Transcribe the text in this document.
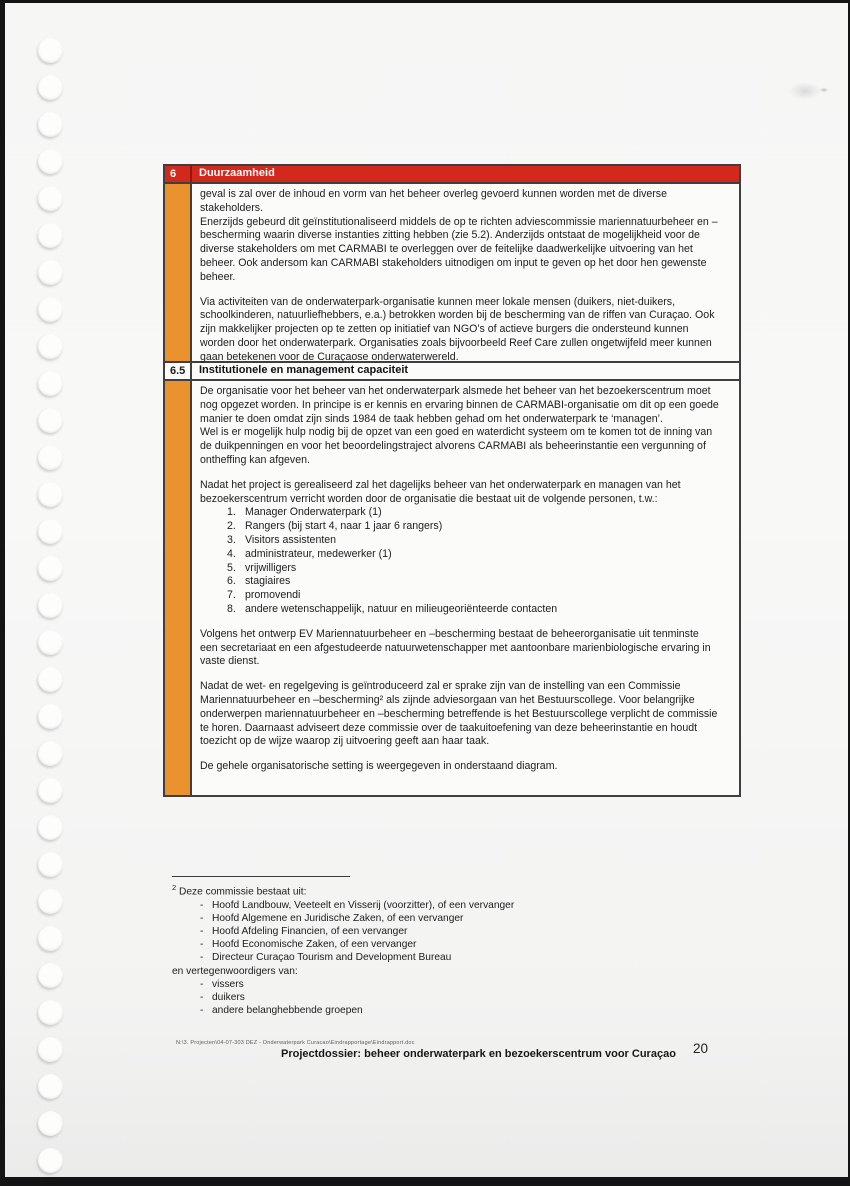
6	Duurzaamheid
geval is zal over de inhoud en vorm van het beheer overleg gevoerd kunnen worden met de diverse stakeholders.
Enerzijds gebeurd dit geïnstitutionaliseerd middels de op te richten adviescommissie mariennatuurbeheer en –bescherming waarin diverse instanties zitting hebben (zie 5.2). Anderzijds ontstaat de mogelijkheid voor de diverse stakeholders om met CARMABI te overleggen over de feitelijke daadwerkelijke uitvoering van het beheer. Ook andersom kan CARMABI stakeholders uitnodigen om input te geven op het door hen gewenste beheer.
Via activiteiten van de onderwaterpark-organisatie kunnen meer lokale mensen (duikers, niet-duikers, schoolkinderen, natuurliefhebbers, e.a.) betrokken worden bij de bescherming van de riffen van Curaçao. Ook zijn makkelijker projecten op te zetten op initiatief van NGO’s of actieve burgers die ondersteund kunnen worden door het onderwaterpark. Organisaties zoals bijvoorbeeld Reef Care zullen ongetwijfeld meer kunnen gaan betekenen voor de Curaçaose onderwaterwereld.
6.5	Institutionele en management capaciteit
De organisatie voor het beheer van het onderwaterpark alsmede het beheer van het bezoekerscentrum moet nog opgezet worden. In principe is er kennis en ervaring binnen de CARMABI-organisatie om dit op een goede manier te doen omdat zijn sinds 1984 de taak hebben gehad om het onderwaterpark te ‘managen’.
Wel is er mogelijk hulp nodig bij de opzet van een goed en waterdicht systeem om te komen tot de inning van de duikpenningen en voor het beoordelingstraject alvorens CARMABI als beheerinstantie een vergunning of ontheffing kan afgeven.
Nadat het project is gerealiseerd zal het dagelijks beheer van het onderwaterpark en managen van het bezoekerscentrum verricht worden door de organisatie die bestaat uit de volgende personen, t.w.:
1. Manager Onderwaterpark (1)
2. Rangers (bij start 4, naar 1 jaar 6 rangers)
3. Visitors assistenten
4. administrateur, medewerker (1)
5. vrijwilligers
6. stagiaires
7. promovendi
8. andere wetenschappelijk, natuur en milieugeoriënteerde contacten
Volgens het ontwerp EV Mariennatuurbeheer en –bescherming bestaat de beheerorganisatie uit tenminste een secretariaat en een afgestudeerde natuurwetenschapper met aantoonbare marienbiologische ervaring in vaste dienst.
Nadat de wet- en regelgeving is geïntroduceerd zal er sprake zijn van de instelling van een Commissie Mariennatuurbeheer en –bescherming² als zijnde adviesorgaan van het Bestuurscollege. Voor belangrijke onderwerpen mariennatuurbeheer en –bescherming betreffende is het Bestuurscollege verplicht de commissie te horen. Daarnaast adviseert deze commissie over de taakuitoefening van deze beheerinstantie en houdt toezicht op de wijze waarop zij uitvoering geeft aan haar taak.
De gehele organisatorische setting is weergegeven in onderstaand diagram.
$^2$ Deze commissie bestaat uit:
- Hoofd Landbouw, Veeteelt en Visserij (voorzitter), of een vervanger
- Hoofd Algemene en Juridische Zaken, of een vervanger
- Hoofd Afdeling Financien, of een vervanger
- Hoofd Economische Zaken, of een vervanger
- Directeur Curaçao Tourism and Development Bureau
en vertegenwoordigers van:
- vissers
- duikers
- andere belanghebbende groepen
N:\3. Projecten\04-07-303 DEZ - Onderwaterpark Curacao\Eindrapportage\Eindrapport.doc
Projectdossier: beheer onderwaterpark en bezoekerscentrum voor Curaçao 20
